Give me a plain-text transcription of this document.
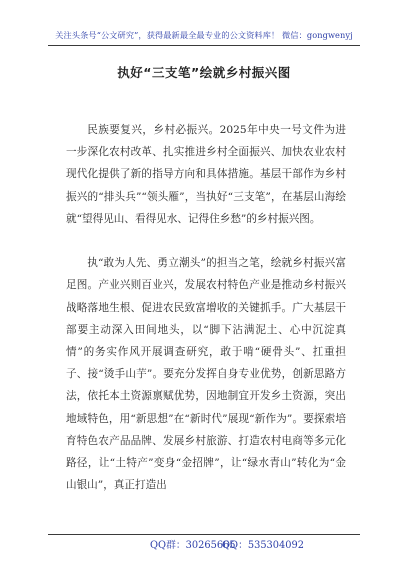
关注头条号“公文研究”，获得最新最全最专业的公文资料库！ 微信：gongwenyj
执好“三支笔”绘就乡村振兴图

民族要复兴，乡村必振兴。2025年中央一号文件为进一步深化农村改革、扎实推进乡村全面振兴、加快农业农村现代化提供了新的指导方向和具体措施。基层干部作为乡村振兴的“排头兵”“领头雁”，当执好“三支笔”，在基层山海绘就“望得见山、看得见水、记得住乡愁”的乡村振兴图。

执“敢为人先、勇立潮头”的担当之笔，绘就乡村振兴富足图。产业兴则百业兴，发展农村特色产业是推动乡村振兴战略落地生根、促进农民致富增收的关键抓手。广大基层干部要主动深入田间地头，以“脚下沾满泥土、心中沉淀真情”的务实作风开展调查研究，敢于啃“硬骨头”、扛重担子、接“烫手山芋”。要充分发挥自身专业优势，创新思路方法，依托本土资源禀赋优势，因地制宜开发乡土资源，突出地域特色，用“新思想”在“新时代”展现“新作为”。要探索培育特色农产品品牌、发展乡村旅游、打造农村电商等多元化路径，让“土特产”变身“金招牌”，让“绿水青山”转化为“金山银山”，真正打造出

QQ群：30265665
QQ：535304092
